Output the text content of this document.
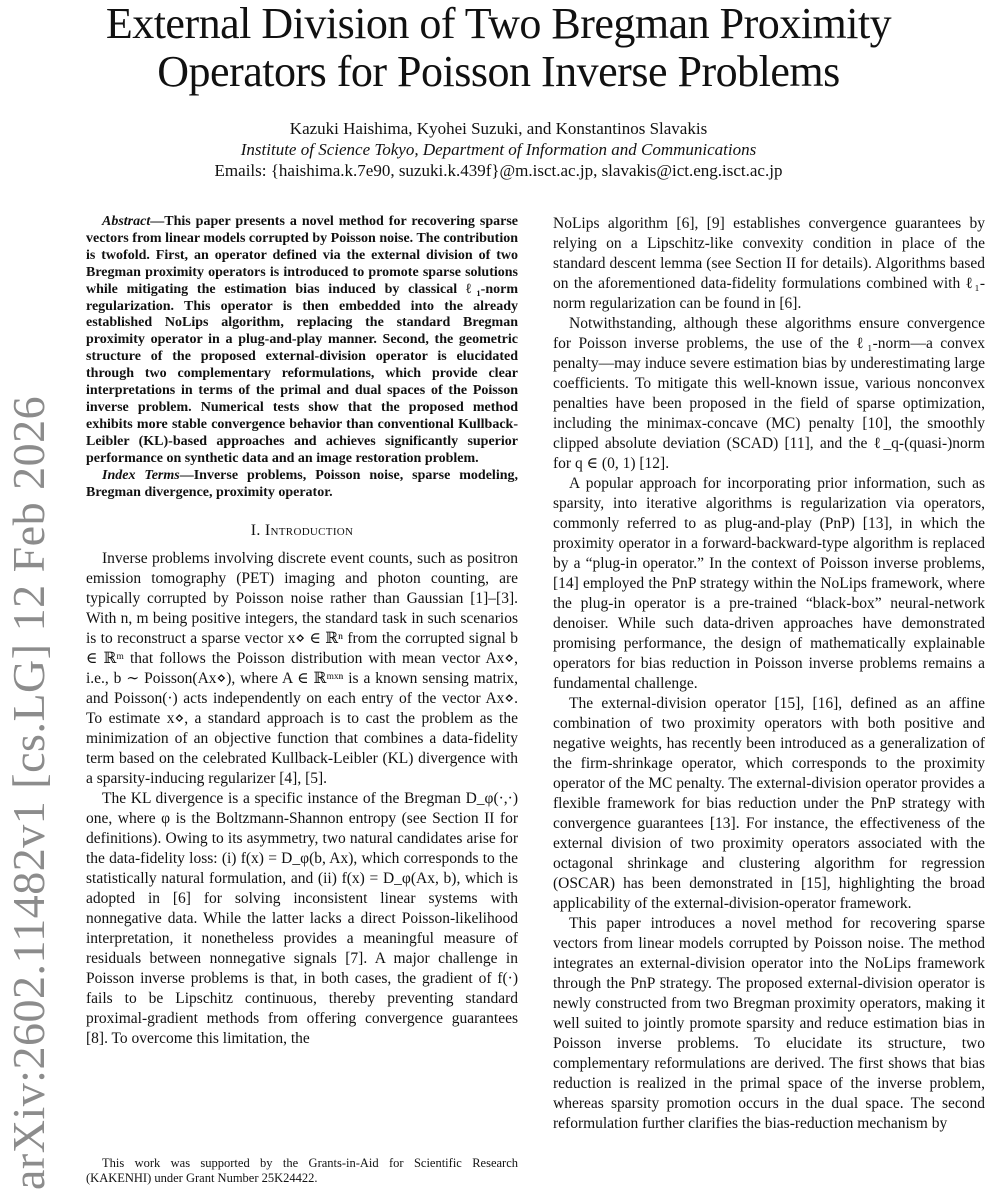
arXiv:2602.11482v1 [cs.LG] 12 Feb 2026
External Division of Two Bregman Proximity Operators for Poisson Inverse Problems
Kazuki Haishima, Kyohei Suzuki, and Konstantinos Slavakis
Institute of Science Tokyo, Department of Information and Communications
Emails: {haishima.k.7e90, suzuki.k.439f}@m.isct.ac.jp, slavakis@ict.eng.isct.ac.jp

Abstract—This paper presents a novel method for recovering sparse vectors from linear models corrupted by Poisson noise. The contribution is twofold. First, an operator defined via the external division of two Bregman proximity operators is introduced to promote sparse solutions while mitigating the estimation bias induced by classical ℓ₁-norm regularization. This operator is then embedded into the already established NoLips algorithm, replacing the standard Bregman proximity operator in a plug-and-play manner. Second, the geometric structure of the proposed external-division operator is elucidated through two complementary reformulations, which provide clear interpretations in terms of the primal and dual spaces of the Poisson inverse problem. Numerical tests show that the proposed method exhibits more stable convergence behavior than conventional Kullback-Leibler (KL)-based approaches and achieves significantly superior performance on synthetic data and an image restoration problem.

Index Terms—Inverse problems, Poisson noise, sparse modeling, Bregman divergence, proximity operator.

I. Introduction

Inverse problems involving discrete event counts, such as positron emission tomography (PET) imaging and photon counting, are typically corrupted by Poisson noise rather than Gaussian [1]–[3]. With n, m being positive integers, the standard task in such scenarios is to reconstruct a sparse vector x⋄ ∈ ℝⁿ from the corrupted signal b ∈ ℝᵐ that follows the Poisson distribution with mean vector Ax⋄, i.e., b ∼ Poisson(Ax⋄), where A ∈ ℝᵐˣⁿ is a known sensing matrix, and Poisson(·) acts independently on each entry of the vector Ax⋄. To estimate x⋄, a standard approach is to cast the problem as the minimization of an objective function that combines a data-fidelity term based on the celebrated Kullback-Leibler (KL) divergence with a sparsity-inducing regularizer [4], [5].

The KL divergence is a specific instance of the Bregman D_φ(·,·) one, where φ is the Boltzmann-Shannon entropy (see Section II for definitions). Owing to its asymmetry, two natural candidates arise for the data-fidelity loss: (i) f(x) = D_φ(b, Ax), which corresponds to the statistically natural formulation, and (ii) f(x) = D_φ(Ax, b), which is adopted in [6] for solving inconsistent linear systems with nonnegative data. While the latter lacks a direct Poisson-likelihood interpretation, it nonetheless provides a meaningful measure of residuals between nonnegative signals [7]. A major challenge in Poisson inverse problems is that, in both cases, the gradient of f(·) fails to be Lipschitz continuous, thereby preventing standard proximal-gradient methods from offering convergence guarantees [8]. To overcome this limitation, the

NoLips algorithm [6], [9] establishes convergence guarantees by relying on a Lipschitz-like convexity condition in place of the standard descent lemma (see Section II for details). Algorithms based on the aforementioned data-fidelity formulations combined with ℓ₁-norm regularization can be found in [6].

Notwithstanding, although these algorithms ensure convergence for Poisson inverse problems, the use of the ℓ₁-norm—a convex penalty—may induce severe estimation bias by underestimating large coefficients. To mitigate this well-known issue, various nonconvex penalties have been proposed in the field of sparse optimization, including the minimax-concave (MC) penalty [10], the smoothly clipped absolute deviation (SCAD) [11], and the ℓ_q-(quasi-)norm for q ∈ (0, 1) [12].

A popular approach for incorporating prior information, such as sparsity, into iterative algorithms is regularization via operators, commonly referred to as plug-and-play (PnP) [13], in which the proximity operator in a forward-backward-type algorithm is replaced by a “plug-in operator.” In the context of Poisson inverse problems, [14] employed the PnP strategy within the NoLips framework, where the plug-in operator is a pre-trained “black-box” neural-network denoiser. While such data-driven approaches have demonstrated promising performance, the design of mathematically explainable operators for bias reduction in Poisson inverse problems remains a fundamental challenge.

The external-division operator [15], [16], defined as an affine combination of two proximity operators with both positive and negative weights, has recently been introduced as a generalization of the firm-shrinkage operator, which corresponds to the proximity operator of the MC penalty. The external-division operator provides a flexible framework for bias reduction under the PnP strategy with convergence guarantees [13]. For instance, the effectiveness of the external division of two proximity operators associated with the octagonal shrinkage and clustering algorithm for regression (OSCAR) has been demonstrated in [15], highlighting the broad applicability of the external-division-operator framework.

This paper introduces a novel method for recovering sparse vectors from linear models corrupted by Poisson noise. The method integrates an external-division operator into the NoLips framework through the PnP strategy. The proposed external-division operator is newly constructed from two Bregman proximity operators, making it well suited to jointly promote sparsity and reduce estimation bias in Poisson inverse problems. To elucidate its structure, two complementary reformulations are derived. The first shows that bias reduction is realized in the primal space of the inverse problem, whereas sparsity promotion occurs in the dual space. The second reformulation further clarifies the bias-reduction mechanism by

This work was supported by the Grants-in-Aid for Scientific Research (KAKENHI) under Grant Number 25K24422.
